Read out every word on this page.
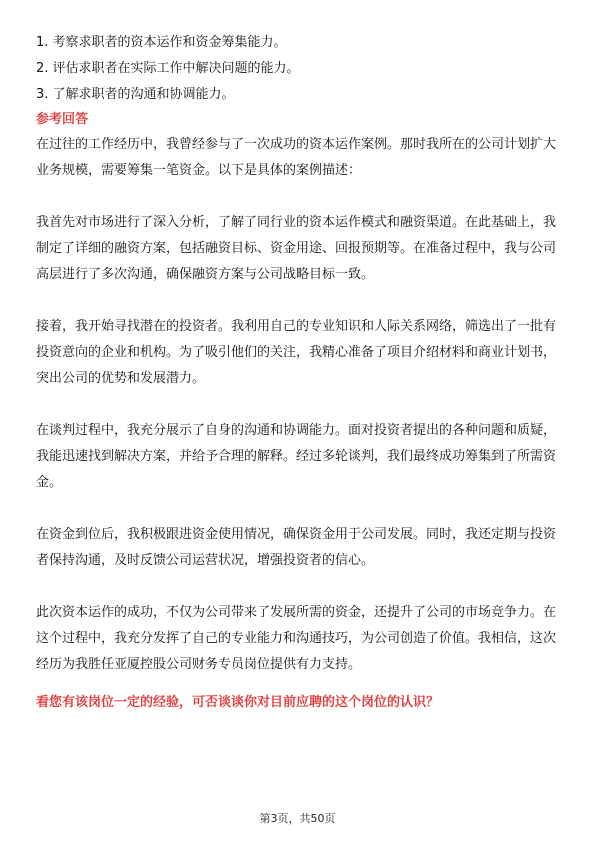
1. 考察求职者的资本运作和资金筹集能力。

2. 评估求职者在实际工作中解决问题的能力。

3. 了解求职者的沟通和协调能力。

参考回答

在过往的工作经历中，我曾经参与了一次成功的资本运作案例。那时我所在的公司计划扩大业务规模，需要筹集一笔资金。以下是具体的案例描述：

我首先对市场进行了深入分析，了解了同行业的资本运作模式和融资渠道。在此基础上，我制定了详细的融资方案，包括融资目标、资金用途、回报预期等。在准备过程中，我与公司高层进行了多次沟通，确保融资方案与公司战略目标一致。

接着，我开始寻找潜在的投资者。我利用自己的专业知识和人际关系网络，筛选出了一批有投资意向的企业和机构。为了吸引他们的关注，我精心准备了项目介绍材料和商业计划书，突出公司的优势和发展潜力。

在谈判过程中，我充分展示了自身的沟通和协调能力。面对投资者提出的各种问题和质疑，我能迅速找到解决方案，并给予合理的解释。经过多轮谈判，我们最终成功筹集到了所需资金。

在资金到位后，我积极跟进资金使用情况，确保资金用于公司发展。同时，我还定期与投资者保持沟通，及时反馈公司运营状况，增强投资者的信心。

此次资本运作的成功，不仅为公司带来了发展所需的资金，还提升了公司的市场竞争力。在这个过程中，我充分发挥了自己的专业能力和沟通技巧，为公司创造了价值。我相信，这次经历为我胜任亚厦控股公司财务专员岗位提供有力支持。

看您有该岗位一定的经验，可否谈谈你对目前应聘的这个岗位的认识？

第3页，共50页
